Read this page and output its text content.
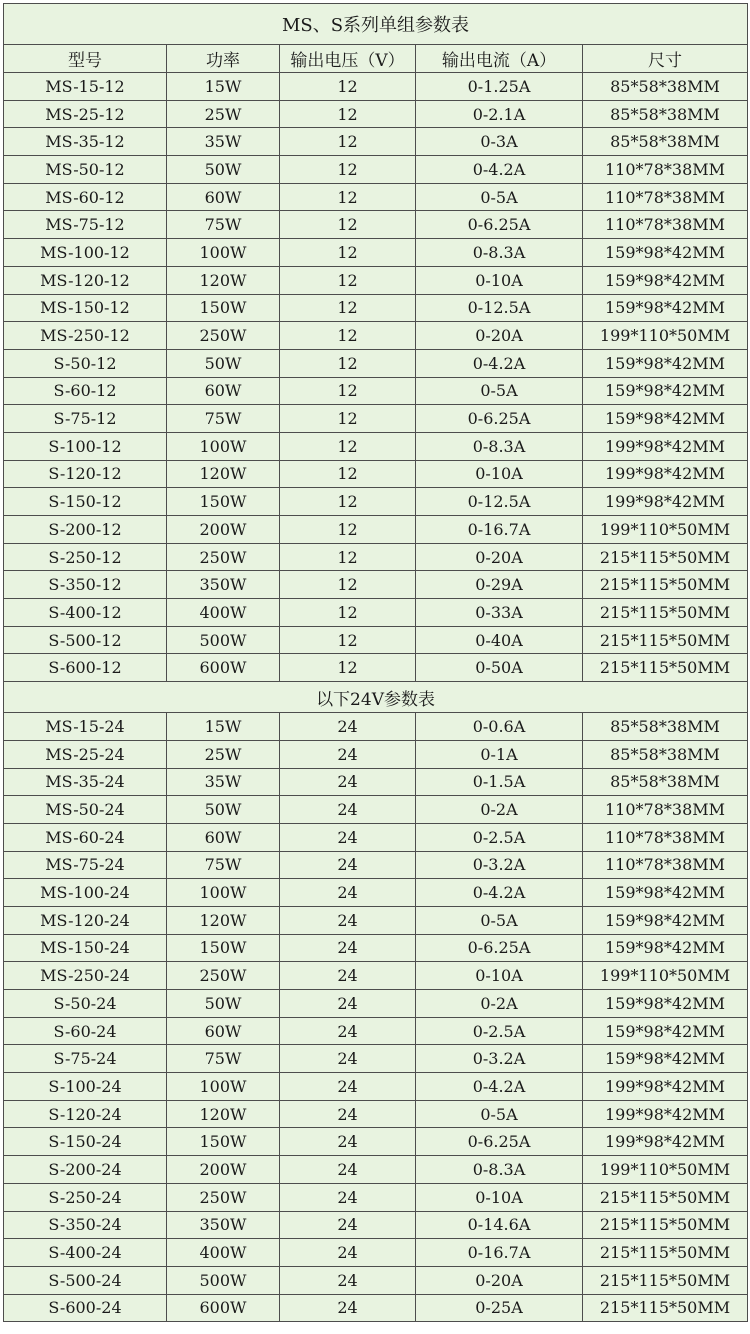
MS、S系列单组参数表				
型号	功率	输出电压（V）	输出电流（A）	尺寸
MS-15-12	15W	12	0-1.25A	85*58*38MM
MS-25-12	25W	12	0-2.1A	85*58*38MM
MS-35-12	35W	12	0-3A	85*58*38MM
MS-50-12	50W	12	0-4.2A	110*78*38MM
MS-60-12	60W	12	0-5A	110*78*38MM
MS-75-12	75W	12	0-6.25A	110*78*38MM
MS-100-12	100W	12	0-8.3A	159*98*42MM
MS-120-12	120W	12	0-10A	159*98*42MM
MS-150-12	150W	12	0-12.5A	159*98*42MM
MS-250-12	250W	12	0-20A	199*110*50MM
S-50-12	50W	12	0-4.2A	159*98*42MM
S-60-12	60W	12	0-5A	159*98*42MM
S-75-12	75W	12	0-6.25A	159*98*42MM
S-100-12	100W	12	0-8.3A	199*98*42MM
S-120-12	120W	12	0-10A	199*98*42MM
S-150-12	150W	12	0-12.5A	199*98*42MM
S-200-12	200W	12	0-16.7A	199*110*50MM
S-250-12	250W	12	0-20A	215*115*50MM
S-350-12	350W	12	0-29A	215*115*50MM
S-400-12	400W	12	0-33A	215*115*50MM
S-500-12	500W	12	0-40A	215*115*50MM
S-600-12	600W	12	0-50A	215*115*50MM
以下24V参数表				
MS-15-24	15W	24	0-0.6A	85*58*38MM
MS-25-24	25W	24	0-1A	85*58*38MM
MS-35-24	35W	24	0-1.5A	85*58*38MM
MS-50-24	50W	24	0-2A	110*78*38MM
MS-60-24	60W	24	0-2.5A	110*78*38MM
MS-75-24	75W	24	0-3.2A	110*78*38MM
MS-100-24	100W	24	0-4.2A	159*98*42MM
MS-120-24	120W	24	0-5A	159*98*42MM
MS-150-24	150W	24	0-6.25A	159*98*42MM
MS-250-24	250W	24	0-10A	199*110*50MM
S-50-24	50W	24	0-2A	159*98*42MM
S-60-24	60W	24	0-2.5A	159*98*42MM
S-75-24	75W	24	0-3.2A	159*98*42MM
S-100-24	100W	24	0-4.2A	199*98*42MM
S-120-24	120W	24	0-5A	199*98*42MM
S-150-24	150W	24	0-6.25A	199*98*42MM
S-200-24	200W	24	0-8.3A	199*110*50MM
S-250-24	250W	24	0-10A	215*115*50MM
S-350-24	350W	24	0-14.6A	215*115*50MM
S-400-24	400W	24	0-16.7A	215*115*50MM
S-500-24	500W	24	0-20A	215*115*50MM
S-600-24	600W	24	0-25A	215*115*50MM
